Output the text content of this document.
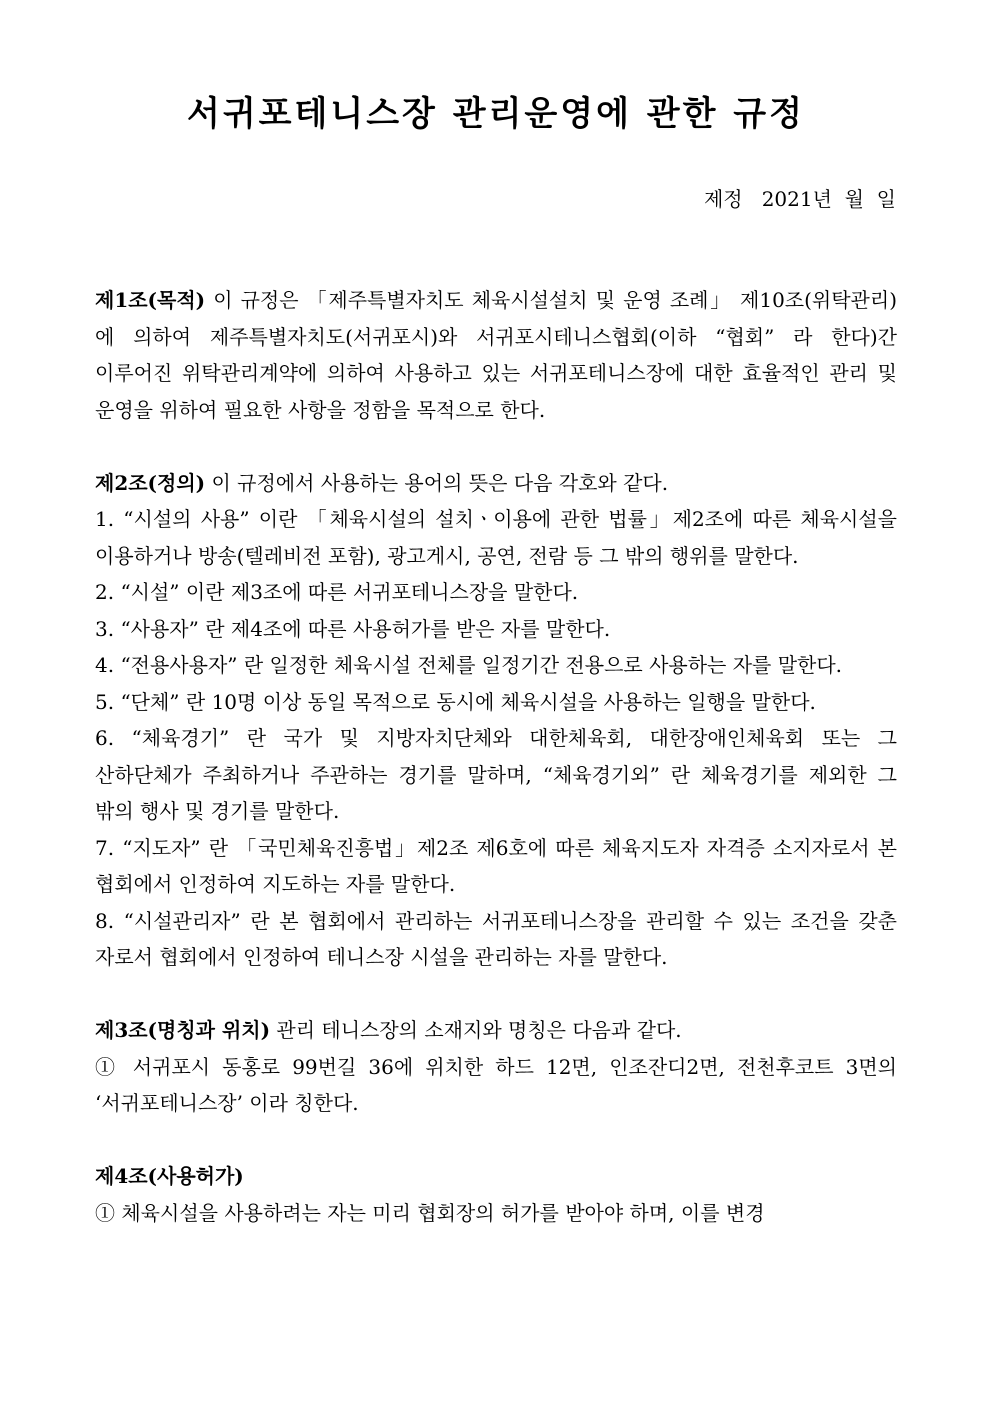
서귀포테니스장 관리운영에 관한 규정
제정   2021년  월  일

제1조(목적) 이 규정은 「제주특별자치도 체육시설설치 및 운영 조례」 제10조(위탁관리)에 의하여 제주특별자치도(서귀포시)와 서귀포시테니스협회(이하 “협회” 라 한다)간 이루어진 위탁관리계약에 의하여 사용하고 있는 서귀포테니스장에 대한 효율적인 관리 및 운영을 위하여 필요한 사항을 정함을 목적으로 한다.

제2조(정의) 이 규정에서 사용하는 용어의 뜻은 다음 각호와 같다.

1. “시설의 사용” 이란 「체육시설의 설치ㆍ이용에 관한 법률」제2조에 따른 체육시설을 이용하거나 방송(텔레비전 포함), 광고게시, 공연, 전람 등 그 밖의 행위를 말한다.

2. “시설” 이란 제3조에 따른 서귀포테니스장을 말한다.

3. “사용자” 란 제4조에 따른 사용허가를 받은 자를 말한다.

4. “전용사용자” 란 일정한 체육시설 전체를 일정기간 전용으로 사용하는 자를 말한다.

5. “단체” 란 10명 이상 동일 목적으로 동시에 체육시설을 사용하는 일행을 말한다.

6. “체육경기” 란 국가 및 지방자치단체와 대한체육회, 대한장애인체육회 또는 그 산하단체가 주최하거나 주관하는 경기를 말하며, “체육경기외” 란 체육경기를 제외한 그 밖의 행사 및 경기를 말한다.

7. “지도자” 란 「국민체육진흥법」제2조 제6호에 따른 체육지도자 자격증 소지자로서 본 협회에서 인정하여 지도하는 자를 말한다.

8. “시설관리자” 란 본 협회에서 관리하는 서귀포테니스장을 관리할 수 있는 조건을 갖춘 자로서 협회에서 인정하여 테니스장 시설을 관리하는 자를 말한다.

제3조(명칭과 위치) 관리 테니스장의 소재지와 명칭은 다음과 같다.

① 서귀포시 동홍로 99번길 36에 위치한 하드 12면, 인조잔디2면, 전천후코트 3면의 ‘서귀포테니스장’ 이라 칭한다.

제4조(사용허가)

① 체육시설을 사용하려는 자는 미리 협회장의 허가를 받아야 하며, 이를 변경
